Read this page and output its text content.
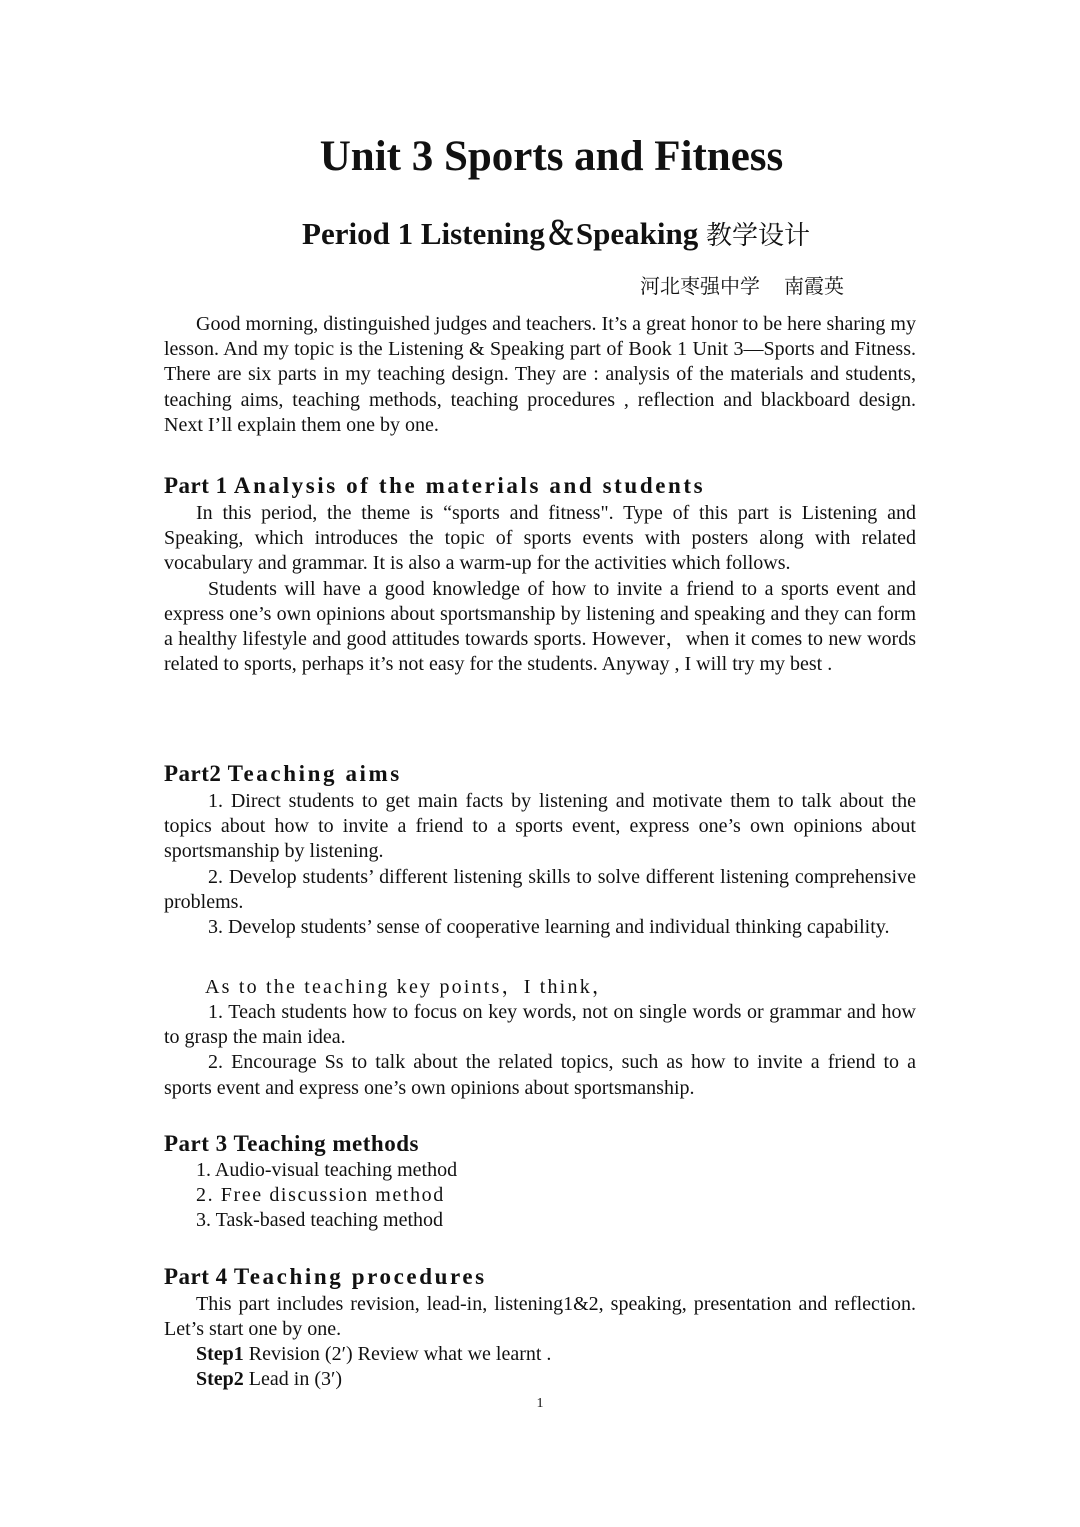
Unit 3 Sports and Fitness
Period 1 Listening＆Speaking 教学设计

河北枣强中学 南霞英

Good morning, distinguished judges and teachers. It’s a great honor to be here sharing my lesson. And my topic is the Listening & Speaking part of Book 1 Unit 3—Sports and Fitness. There are six parts in my teaching design. They are : analysis of the materials and students, teaching aims, teaching methods, teaching procedures , reflection and blackboard design. Next I’ll explain them one by one.

Part 1 Analysis of the materials and students

In this period, the theme is “sports and fitness". Type of this part is Listening and Speaking, which introduces the topic of sports events with posters along with related vocabulary and grammar. It is also a warm-up for the activities which follows.

Students will have a good knowledge of how to invite a friend to a sports event and express one’s own opinions about sportsmanship by listening and speaking and they can form a healthy lifestyle and good attitudes towards sports. However，when it comes to new words related to sports, perhaps it’s not easy for the students. Anyway , I will try my best .

Part2 Teaching aims

1. Direct students to get main facts by listening and motivate them to talk about the topics about how to invite a friend to a sports event, express one’s own opinions about sportsmanship by listening.

2. Develop students’ different listening skills to solve different listening comprehensive problems.

3. Develop students’ sense of cooperative learning and individual thinking capability.

As to the teaching key points，I think，

1. Teach students how to focus on key words, not on single words or grammar and how to grasp the main idea.

2. Encourage Ss to talk about the related topics, such as how to invite a friend to a sports event and express one’s own opinions about sportsmanship.

Part 3 Teaching methods
1. Audio-visual teaching method
2. Free discussion method
3. Task-based teaching method
Part 4 Teaching procedures

This part includes revision, lead-in, listening1&2, speaking, presentation and reflection. Let’s start one by one.

Step1 Revision (2′) Review what we learnt .

Step2 Lead in (3′)

1
